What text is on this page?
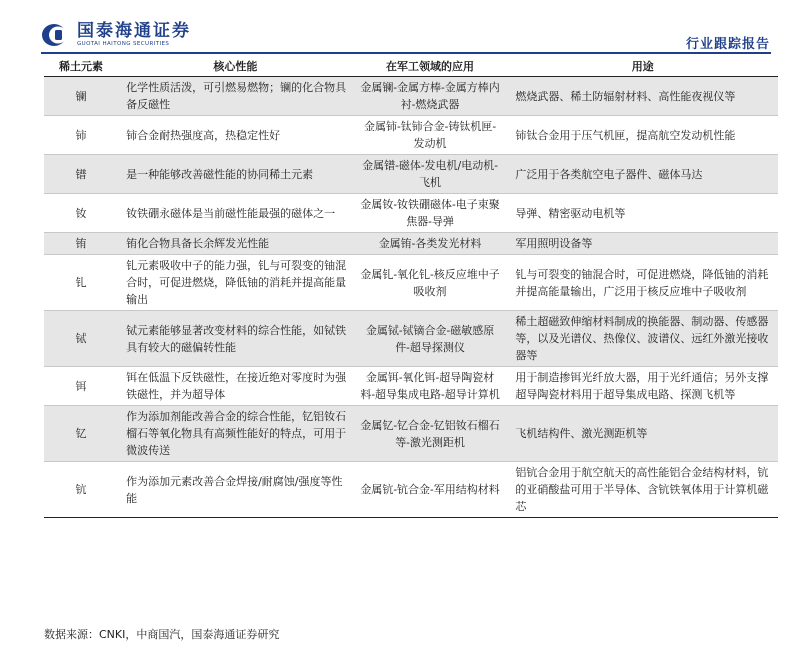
国泰海通证券
GUOTAI HAITONG SECURITIES	行业跟踪报告
稀土元素	核心性能	在军工领域的应用	用途
镧	化学性质活泼，可引燃易燃物；镧的化合物具备反磁性	金属镧-金属方棒-金属方棒内衬-燃烧武器	燃烧武器、稀土防辐射材料、高性能夜视仪等
铈	铈合金耐热强度高，热稳定性好	金属铈-钛铈合金-铸钛机匣-发动机	铈钛合金用于压气机匣，提高航空发动机性能
镨	是一种能够改善磁性能的协同稀土元素	金属镨-磁体-发电机/电动机-飞机	广泛用于各类航空电子器件、磁体马达
钕	钕铁硼永磁体是当前磁性能最强的磁体之一	金属钕-钕铁硼磁体-电子束聚焦器-导弹	导弹、精密驱动电机等
铕	铕化合物具备长余辉发光性能	金属铕-各类发光材料	军用照明设备等
钆	钆元素吸收中子的能力强，钆与可裂变的铀混合时，可促进燃烧，降低铀的消耗并提高能量输出	金属钆-氧化钆-核反应堆中子吸收剂	钆与可裂变的铀混合时，可促进燃烧，降低铀的消耗并提高能量输出，广泛用于核反应堆中子吸收剂
铽	铽元素能够显著改变材料的综合性能，如铽铁具有较大的磁偏转性能	金属铽-铽镝合金-磁敏感原件-超导探测仪	稀土超磁致伸缩材料制成的换能器、制动器、传感器等，以及光谱仪、热像仪、波谱仪、远红外激光接收器等
铒	铒在低温下反铁磁性，在接近绝对零度时为强铁磁性，并为超导体	金属铒-氧化铒-超导陶瓷材料-超导集成电路-超导计算机	用于制造掺铒光纤放大器，用于光纤通信；另外支撑超导陶瓷材料用于超导集成电路、探测飞机等
钇	作为添加剂能改善合金的综合性能，钇铝钕石榴石等氧化物具有高频性能好的特点，可用于微波传送	金属钇-钇合金-钇铝钕石榴石等-激光测距机	飞机结构件、激光测距机等
钪	作为添加元素改善合金焊接/耐腐蚀/强度等性能	金属钪-钪合金-军用结构材料	铝钪合金用于航空航天的高性能铝合金结构材料，钪的亚硝酸盐可用于半导体、含钪铁氧体用于计算机磁芯
数据来源：CNKI，中商国汽，国泰海通证券研究
